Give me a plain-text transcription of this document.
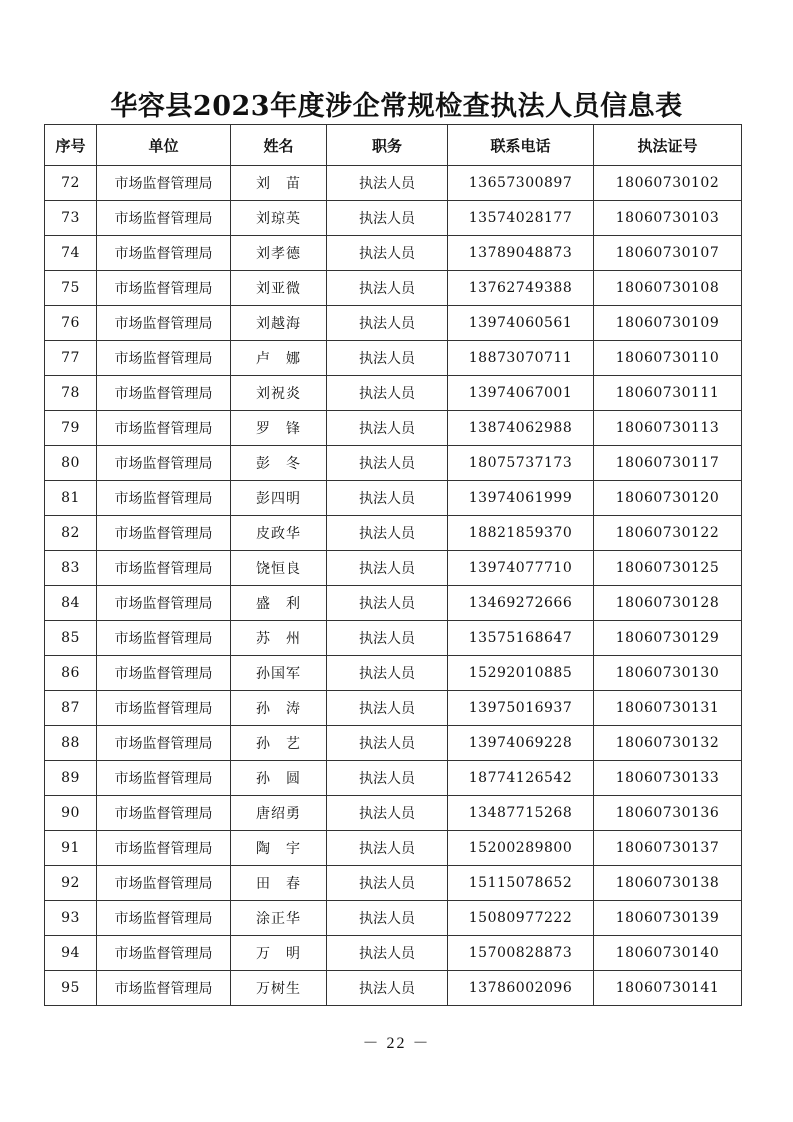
华容县2023年度涉企常规检查执法人员信息表
序号	单位	姓名	职务	联系电话	执法证号
72	市场监督管理局	刘　苗	执法人员	13657300897	18060730102
73	市场监督管理局	刘琼英	执法人员	13574028177	18060730103
74	市场监督管理局	刘孝德	执法人员	13789048873	18060730107
75	市场监督管理局	刘亚微	执法人员	13762749388	18060730108
76	市场监督管理局	刘越海	执法人员	13974060561	18060730109
77	市场监督管理局	卢　娜	执法人员	18873070711	18060730110
78	市场监督管理局	刘祝炎	执法人员	13974067001	18060730111
79	市场监督管理局	罗　锋	执法人员	13874062988	18060730113
80	市场监督管理局	彭　冬	执法人员	18075737173	18060730117
81	市场监督管理局	彭四明	执法人员	13974061999	18060730120
82	市场监督管理局	皮政华	执法人员	18821859370	18060730122
83	市场监督管理局	饶恒良	执法人员	13974077710	18060730125
84	市场监督管理局	盛　利	执法人员	13469272666	18060730128
85	市场监督管理局	苏　州	执法人员	13575168647	18060730129
86	市场监督管理局	孙国军	执法人员	15292010885	18060730130
87	市场监督管理局	孙　涛	执法人员	13975016937	18060730131
88	市场监督管理局	孙　艺	执法人员	13974069228	18060730132
89	市场监督管理局	孙　圆	执法人员	18774126542	18060730133
90	市场监督管理局	唐绍勇	执法人员	13487715268	18060730136
91	市场监督管理局	陶　宇	执法人员	15200289800	18060730137
92	市场监督管理局	田　春	执法人员	15115078652	18060730138
93	市场监督管理局	涂正华	执法人员	15080977222	18060730139
94	市场监督管理局	万　明	执法人员	15700828873	18060730140
95	市场监督管理局	万树生	执法人员	13786002096	18060730141
－ 22 －
